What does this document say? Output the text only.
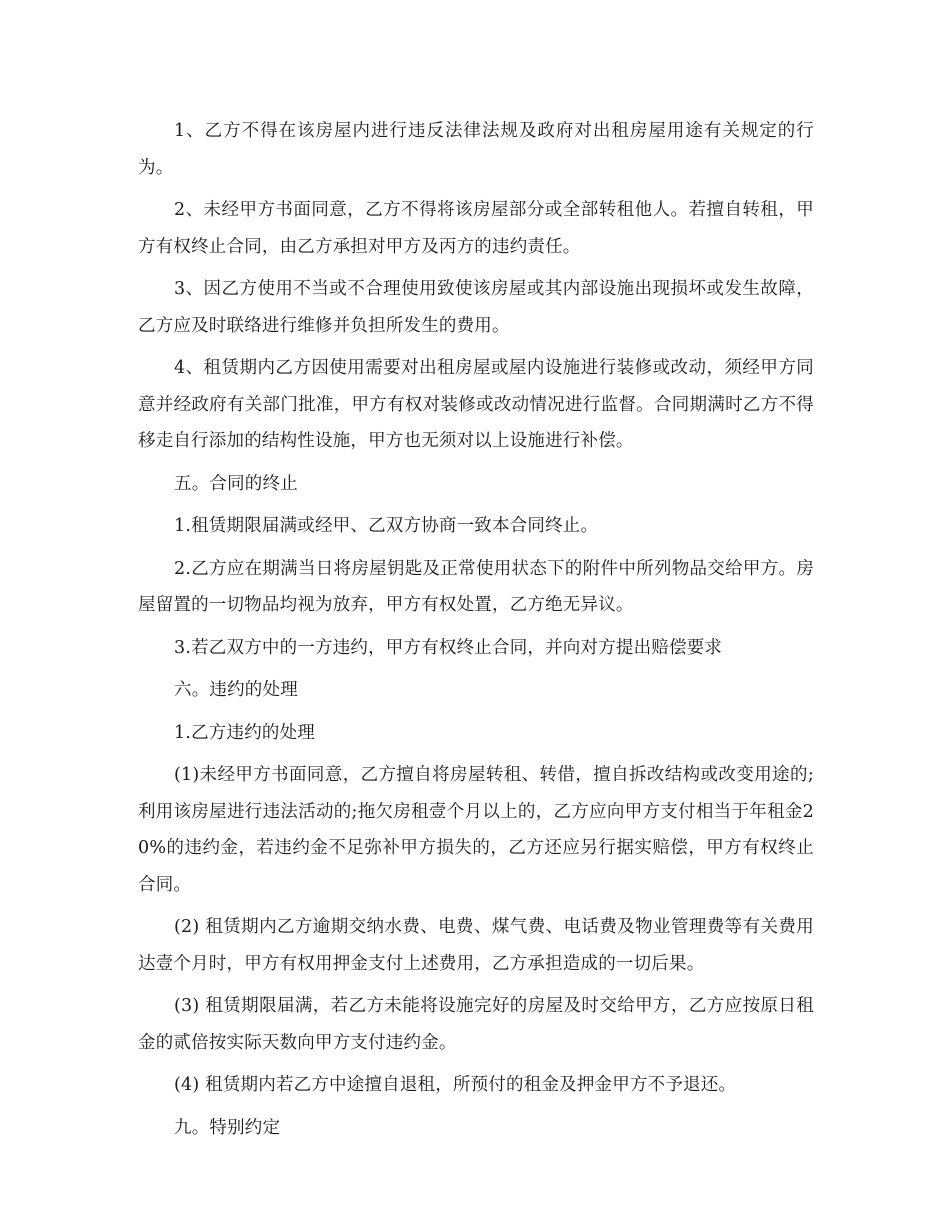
1、乙方不得在该房屋内进行违反法律法规及政府对出租房屋用途有关规定的行为。

2、未经甲方书面同意，乙方不得将该房屋部分或全部转租他人。若擅自转租，甲方有权终止合同，由乙方承担对甲方及丙方的违约责任。

3、因乙方使用不当或不合理使用致使该房屋或其内部设施出现损坏或发生故障，乙方应及时联络进行维修并负担所发生的费用。

4、租赁期内乙方因使用需要对出租房屋或屋内设施进行装修或改动，须经甲方同意并经政府有关部门批准，甲方有权对装修或改动情况进行监督。合同期满时乙方不得移走自行添加的结构性设施，甲方也无须对以上设施进行补偿。

五。合同的终止

1.租赁期限届满或经甲、乙双方协商一致本合同终止。

2.乙方应在期满当日将房屋钥匙及正常使用状态下的附件中所列物品交给甲方。房屋留置的一切物品均视为放弃，甲方有权处置，乙方绝无异议。

3.若乙双方中的一方违约，甲方有权终止合同，并向对方提出赔偿要求

六。违约的处理

1.乙方违约的处理

(1)未经甲方书面同意，乙方擅自将房屋转租、转借，擅自拆改结构或改变用途的;利用该房屋进行违法活动的;拖欠房租壹个月以上的，乙方应向甲方支付相当于年租金20%的违约金，若违约金不足弥补甲方损失的，乙方还应另行据实赔偿，甲方有权终止合同。

(2) 租赁期内乙方逾期交纳水费、电费、煤气费、电话费及物业管理费等有关费用达壹个月时，甲方有权用押金支付上述费用，乙方承担造成的一切后果。

(3) 租赁期限届满，若乙方未能将设施完好的房屋及时交给甲方，乙方应按原日租金的贰倍按实际天数向甲方支付违约金。

(4) 租赁期内若乙方中途擅自退租，所预付的租金及押金甲方不予退还。

九。特别约定
